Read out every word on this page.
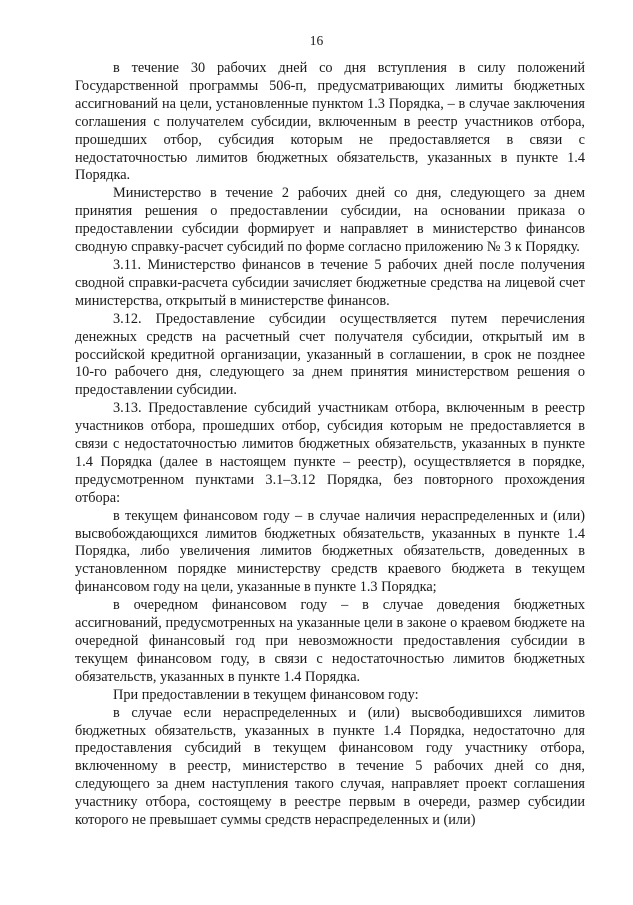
16

в течение 30 рабочих дней со дня вступления в силу положений Государственной программы 506-п, предусматривающих лимиты бюджетных ассигнований на цели, установленные пунктом 1.3 Порядка, – в случае заключения соглашения с получателем субсидии, включенным в реестр участников отбора, прошедших отбор, субсидия которым не предоставляется в связи с недостаточностью лимитов бюджетных обязательств, указанных в пункте 1.4 Порядка.

Министерство в течение 2 рабочих дней со дня, следующего за днем принятия решения о предоставлении субсидии, на основании приказа о предоставлении субсидии формирует и направляет в министерство финансов сводную справку-расчет субсидий по форме согласно приложению № 3 к Порядку.

3.11. Министерство финансов в течение 5 рабочих дней после получения сводной справки-расчета субсидии зачисляет бюджетные средства на лицевой счет министерства, открытый в министерстве финансов.

3.12. Предоставление субсидии осуществляется путем перечисления денежных средств на расчетный счет получателя субсидии, открытый им в российской кредитной организации, указанный в соглашении, в срок не позднее 10-го рабочего дня, следующего за днем принятия министерством решения о предоставлении субсидии.

3.13. Предоставление субсидий участникам отбора, включенным в реестр участников отбора, прошедших отбор, субсидия которым не предоставляется в связи с недостаточностью лимитов бюджетных обязательств, указанных в пункте 1.4 Порядка (далее в настоящем пункте – реестр), осуществляется в порядке, предусмотренном пунктами 3.1–3.12 Порядка, без повторного прохождения отбора:

в текущем финансовом году – в случае наличия нераспределенных и (или) высвобождающихся лимитов бюджетных обязательств, указанных в пункте 1.4 Порядка, либо увеличения лимитов бюджетных обязательств, доведенных в установленном порядке министерству средств краевого бюджета в текущем финансовом году на цели, указанные в пункте 1.3 Порядка;

в очередном финансовом году – в случае доведения бюджетных ассигнований, предусмотренных на указанные цели в законе о краевом бюджете на очередной финансовый год при невозможности предоставления субсидии в текущем финансовом году, в связи с недостаточностью лимитов бюджетных обязательств, указанных в пункте 1.4 Порядка.

При предоставлении в текущем финансовом году:

в случае если нераспределенных и (или) высвободившихся лимитов бюджетных обязательств, указанных в пункте 1.4 Порядка, недостаточно для предоставления субсидий в текущем финансовом году участнику отбора, включенному в реестр, министерство в течение 5 рабочих дней со дня, следующего за днем наступления такого случая, направляет проект соглашения участнику отбора, состоящему в реестре первым в очереди, размер субсидии которого не превышает суммы средств нераспределенных и (или)
